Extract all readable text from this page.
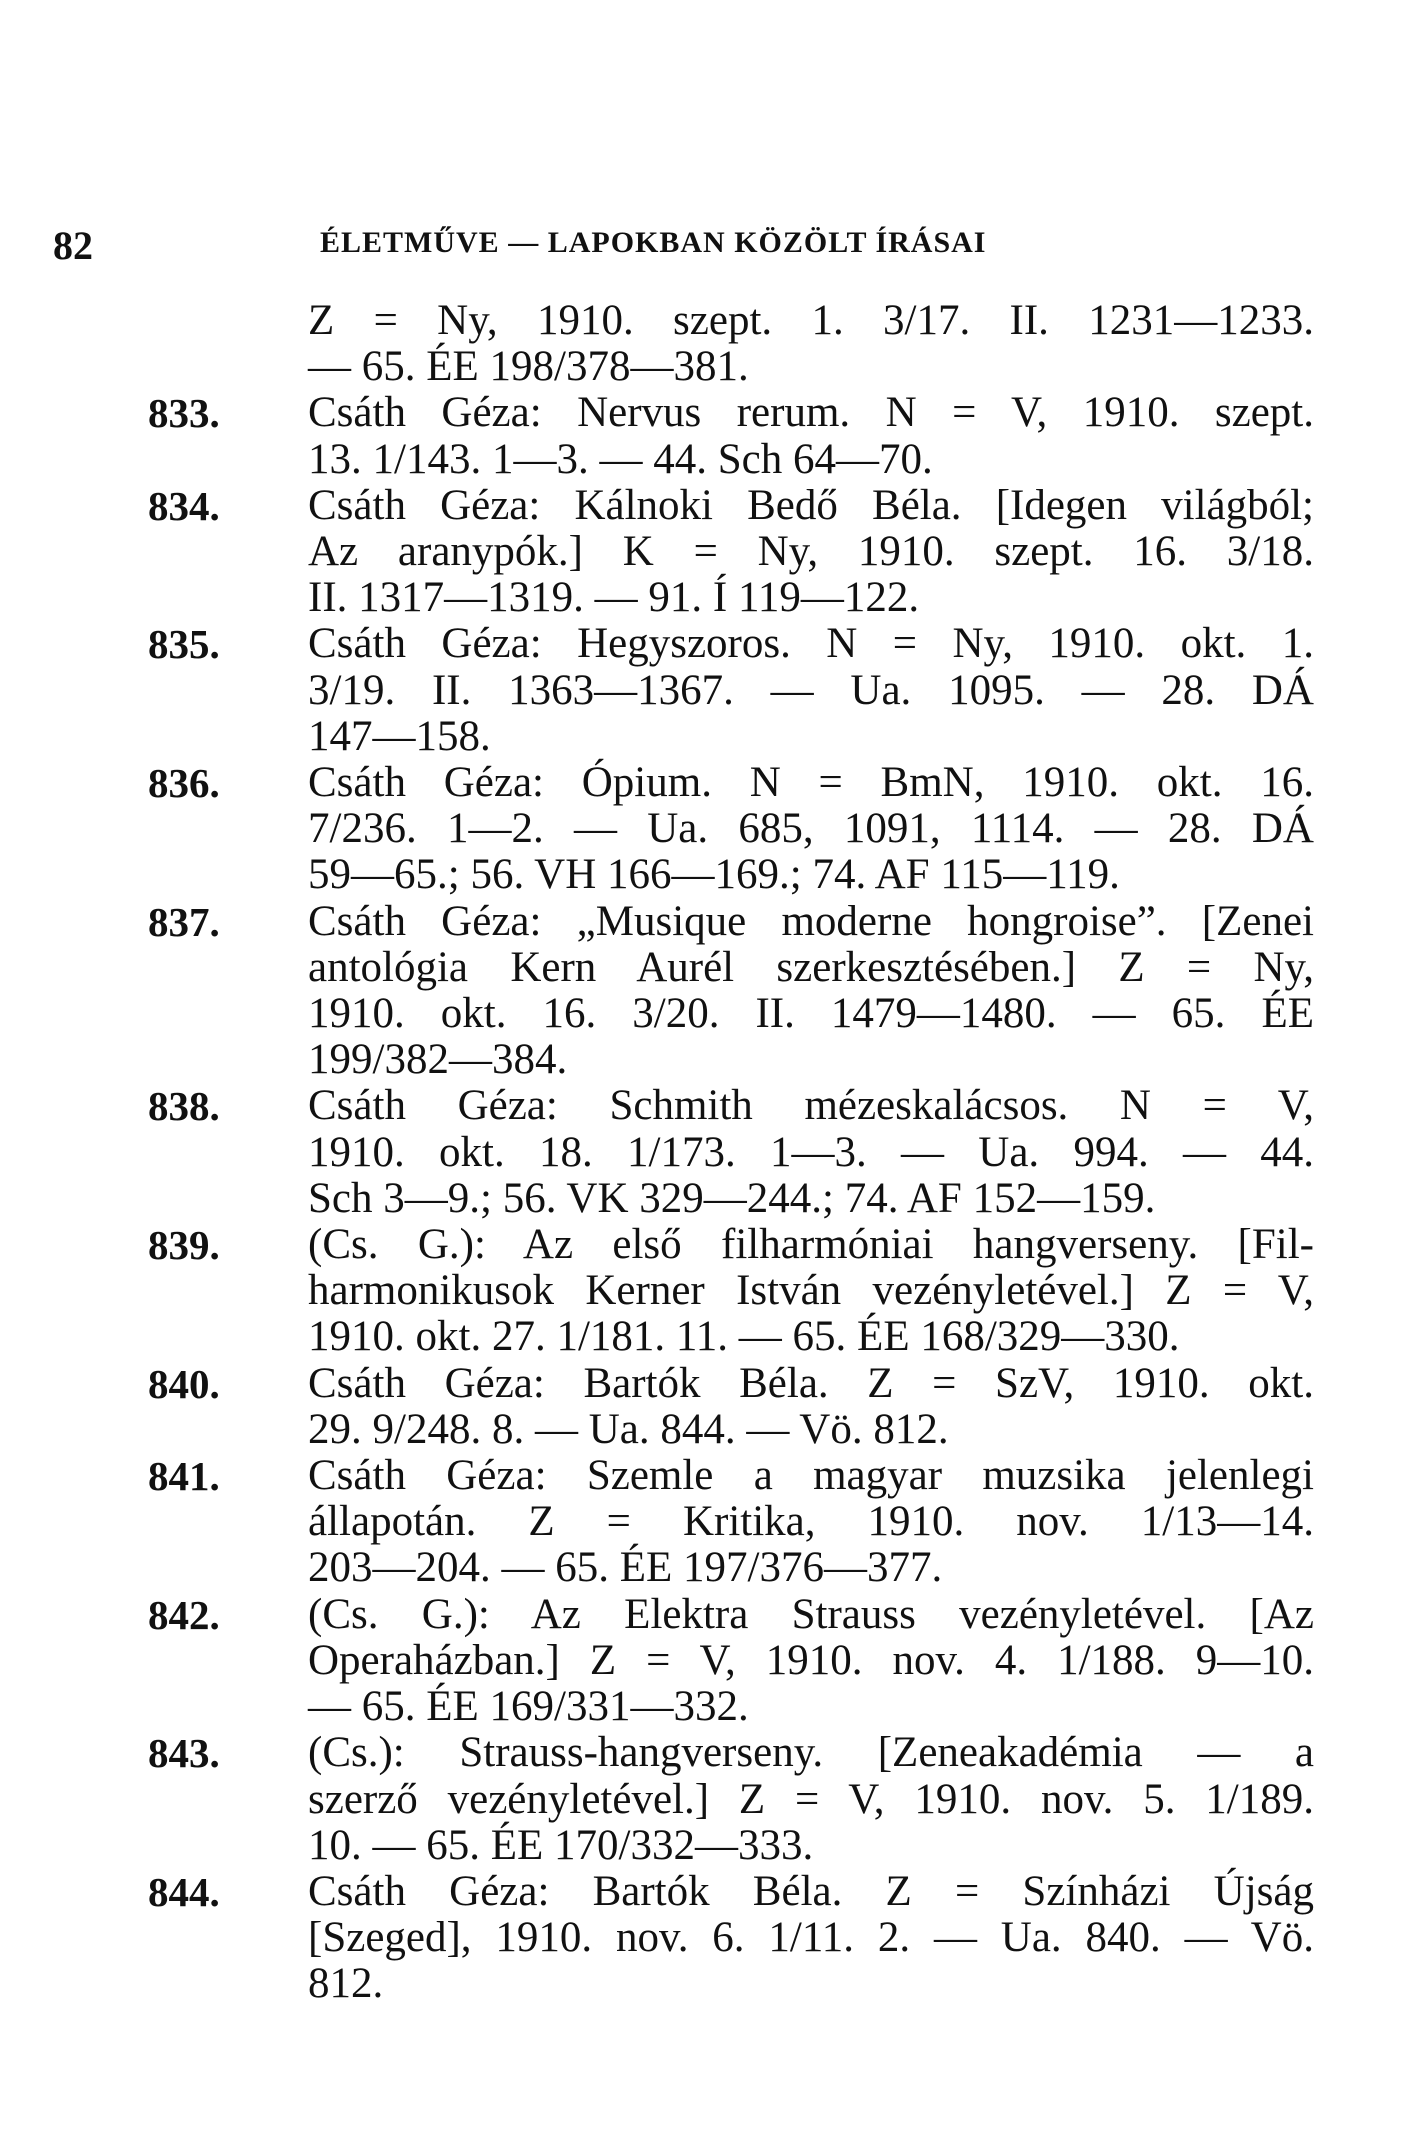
82	ÉLETMŰVE — LAPOKBAN KÖZÖLT ÍRÁSAI
Z = Ny, 1910. szept. 1. 3/17. II. 1231—1233.
— 65. ÉE 198/378—381.
833.	Csáth Géza: Nervus rerum. N = V, 1910. szept.
13. 1/143. 1—3. — 44. Sch 64—70.
834.	Csáth Géza: Kálnoki Bedő Béla. [Idegen világból;
Az aranypók.] K = Ny, 1910. szept. 16. 3/18.
II. 1317—1319. — 91. Í 119—122.
835.	Csáth Géza: Hegyszoros. N = Ny, 1910. okt. 1.
3/19. II. 1363—1367. — Ua. 1095. — 28. DÁ
147—158.
836.	Csáth Géza: Ópium. N = BmN, 1910. okt. 16.
7/236. 1—2. — Ua. 685, 1091, 1114. — 28. DÁ
59—65.; 56. VH 166—169.; 74. AF 115—119.
837.	Csáth Géza: „Musique moderne hongroise”. [Zenei
antológia Kern Aurél szerkesztésében.] Z = Ny,
1910. okt. 16. 3/20. II. 1479—1480. — 65. ÉE
199/382—384.
838.	Csáth Géza: Schmith mézeskalácsos. N = V,
1910. okt. 18. 1/173. 1—3. — Ua. 994. — 44.
Sch 3—9.; 56. VK 329—244.; 74. AF 152—159.
839.	(Cs. G.): Az első filharmóniai hangverseny. [Fil-
harmonikusok Kerner István vezényletével.] Z = V,
1910. okt. 27. 1/181. 11. — 65. ÉE 168/329—330.
840.	Csáth Géza: Bartók Béla. Z = SzV, 1910. okt.
29. 9/248. 8. — Ua. 844. — Vö. 812.
841.	Csáth Géza: Szemle a magyar muzsika jelenlegi
állapotán. Z = Kritika, 1910. nov. 1/13—14.
203—204. — 65. ÉE 197/376—377.
842.	(Cs. G.): Az Elektra Strauss vezényletével. [Az
Operaházban.] Z = V, 1910. nov. 4. 1/188. 9—10.
— 65. ÉE 169/331—332.
843.	(Cs.): Strauss-hangverseny. [Zeneakadémia — a
szerző vezényletével.] Z = V, 1910. nov. 5. 1/189.
10. — 65. ÉE 170/332—333.
844.	Csáth Géza: Bartók Béla. Z = Színházi Újság
[Szeged], 1910. nov. 6. 1/11. 2. — Ua. 840. — Vö.
812.
